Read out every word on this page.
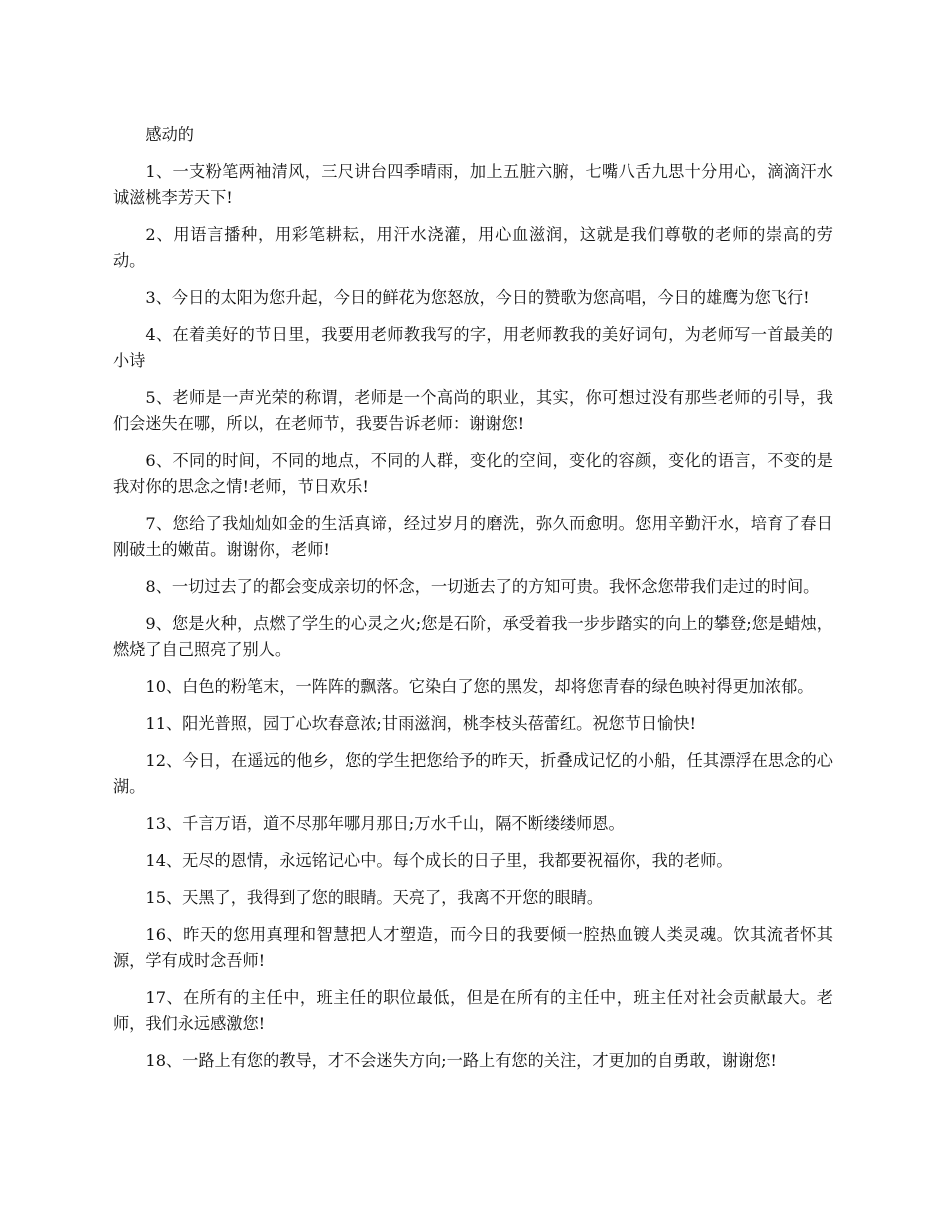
感动的

1、一支粉笔两袖清风，三尺讲台四季晴雨，加上五脏六腑，七嘴八舌九思十分用心，滴滴汗水诚滋桃李芳天下!

2、用语言播种，用彩笔耕耘，用汗水浇灌，用心血滋润，这就是我们尊敬的老师的崇高的劳动。

3、今日的太阳为您升起，今日的鲜花为您怒放，今日的赞歌为您高唱，今日的雄鹰为您飞行!

4、在着美好的节日里，我要用老师教我写的字，用老师教我的美好词句，为老师写一首最美的小诗

5、老师是一声光荣的称谓，老师是一个高尚的职业，其实，你可想过没有那些老师的引导，我们会迷失在哪，所以，在老师节，我要告诉老师：谢谢您!

6、不同的时间，不同的地点，不同的人群，变化的空间，变化的容颜，变化的语言，不变的是我对你的思念之情!老师，节日欢乐!

7、您给了我灿灿如金的生活真谛，经过岁月的磨洗，弥久而愈明。您用辛勤汗水，培育了春日刚破土的嫩苗。谢谢你，老师!

8、一切过去了的都会变成亲切的怀念，一切逝去了的方知可贵。我怀念您带我们走过的时间。

9、您是火种，点燃了学生的心灵之火;您是石阶，承受着我一步步踏实的向上的攀登;您是蜡烛，燃烧了自己照亮了别人。

10、白色的粉笔末，一阵阵的飘落。它染白了您的黑发，却将您青春的绿色映衬得更加浓郁。

11、阳光普照，园丁心坎春意浓;甘雨滋润，桃李枝头蓓蕾红。祝您节日愉快!

12、今日，在遥远的他乡，您的学生把您给予的昨天，折叠成记忆的小船，任其漂浮在思念的心湖。

13、千言万语，道不尽那年哪月那日;万水千山，隔不断缕缕师恩。

14、无尽的恩情，永远铭记心中。每个成长的日子里，我都要祝福你，我的老师。

15、天黑了，我得到了您的眼睛。天亮了，我离不开您的眼睛。

16、昨天的您用真理和智慧把人才塑造，而今日的我要倾一腔热血镀人类灵魂。饮其流者怀其源，学有成时念吾师!

17、在所有的主任中，班主任的职位最低，但是在所有的主任中，班主任对社会贡献最大。老师，我们永远感激您!

18、一路上有您的教导，才不会迷失方向;一路上有您的关注，才更加的自勇敢，谢谢您!
